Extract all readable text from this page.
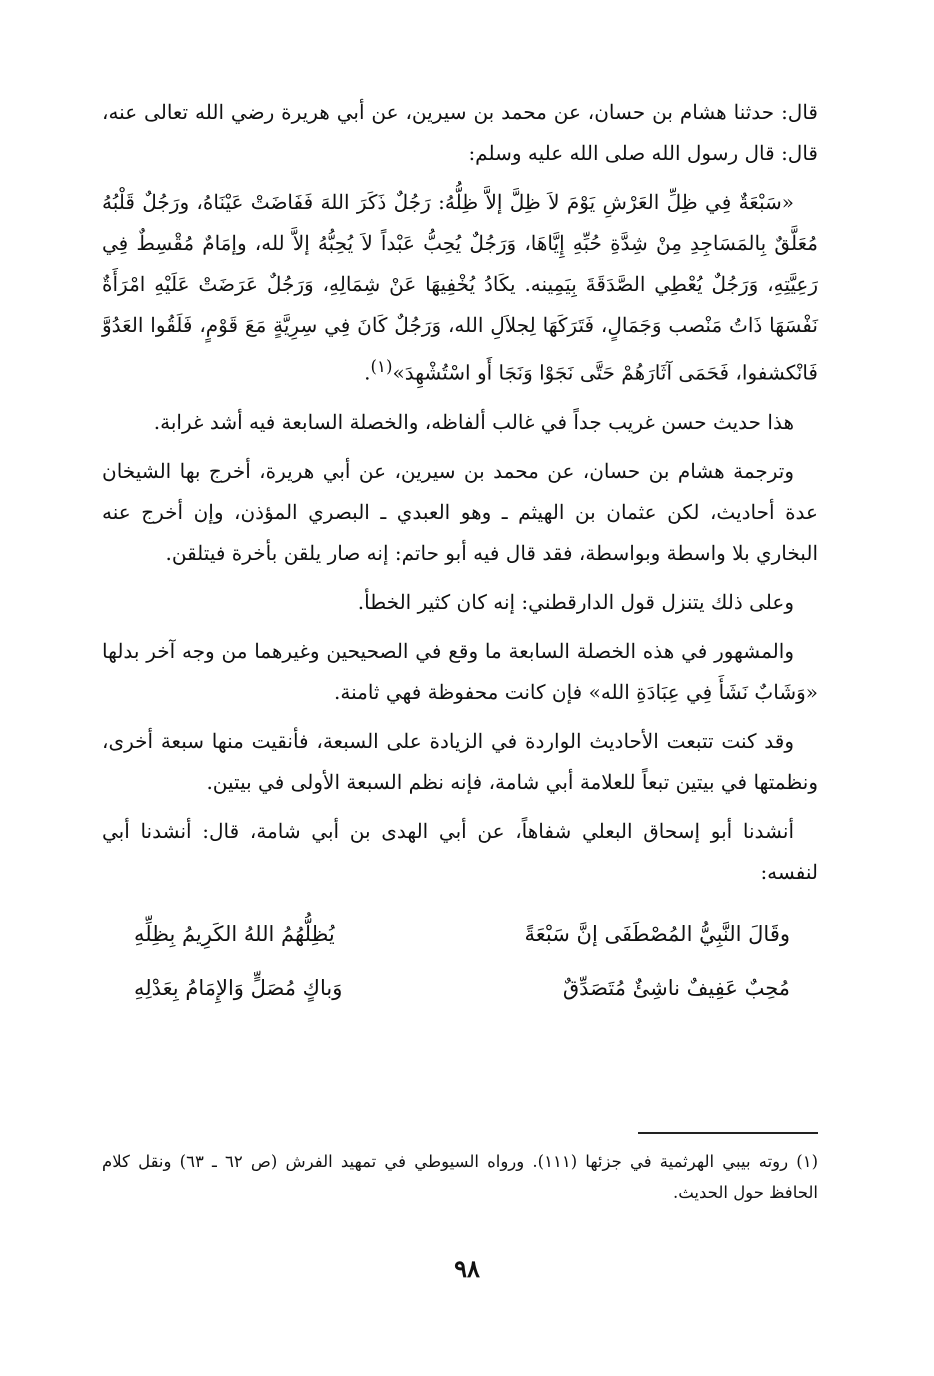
قال: حدثنا هشام بن حسان، عن محمد بن سيرين، عن أبي هريرة رضي الله تعالى عنه، قال: قال رسول الله صلى الله عليه وسلم:

«سَبْعَةٌ فِي ظِلِّ العَرْشِ يَوْمَ لاَ ظِلَّ إلاَّ ظِلُّهُ: رَجُلٌ ذَكَرَ اللهَ فَفَاضَتْ عَيْنَاهُ، ورَجُلٌ قَلْبُهُ مُعَلَّقٌ بِالمَسَاجِدِ مِنْ شِدَّةِ حُبِّهِ إِيَّاهَا، وَرَجُلٌ يُحِبُّ عَبْداً لاَ يُحِبُّهُ إلاَّ لله، وإمَامٌ مُقْسِطٌ فِي رَعِيَّتِهِ، وَرَجُلٌ يُعْطِي الصَّدَقَةَ بِيَمِينه. يكَادُ يُخْفِيهَا عَنْ شِمَالِهِ، وَرَجُلٌ عَرَضَتْ عَلَيْهِ امْرَأَةٌ نَفْسَهَا ذَاتُ مَنْصب وَجَمَالٍ، فَتَرَكَهَا لِجلاَلِ الله، وَرَجُلٌ كَانَ فِي سِرِيَّةٍ مَعَ قَوْمٍ، فَلَقُوا العَدُوَّ فَانْكشفوا، فَحَمَى آثَارَهُمْ حَتَّى نَجَوْا وَنَجَا أَو اسْتُشْهِدَ»$^{(١)}$.

هذا حديث حسن غريب جداً في غالب ألفاظه، والخصلة السابعة فيه أشد غرابة.

وترجمة هشام بن حسان، عن محمد بن سيرين، عن أبي هريرة، أخرج بها الشيخان عدة أحاديث، لكن عثمان بن الهيثم ـ وهو العبدي ـ البصري المؤذن، وإن أخرج عنه البخاري بلا واسطة وبواسطة، فقد قال فيه أبو حاتم: إنه صار يلقن بأخرة فيتلقن.

وعلى ذلك يتنزل قول الدارقطني: إنه كان كثير الخطأ.

والمشهور في هذه الخصلة السابعة ما وقع في الصحيحين وغيرهما من وجه آخر بدلها «وَشَابٌ نَشَأَ فِي عِبَادَةِ الله» فإن كانت محفوظة فهي ثامنة.

وقد كنت تتبعت الأحاديث الواردة في الزيادة على السبعة، فأنقيت منها سبعة أخرى، ونظمتها في بيتين تبعاً للعلامة أبي شامة، فإنه نظم السبعة الأولى في بيتين.

أنشدنا أبو إسحاق البعلي شفاهاً، عن أبي الهدى بن أبي شامة، قال: أنشدنا أبي لنفسه:

وقَالَ النَّبِيُّ المُصْطَفَى إنَّ سَبْعَةً
يُظِلُّهُمُ اللهُ الكَرِيمُ بِظِلِّهِ
مُحِبٌ عَفِيفٌ ناشِئٌ مُتَصَدِّقٌ
وَباكٍ مُصَلٍّ وَالإِمَامُ بِعَدْلِهِ

(١) روته بيبي الهرثمية في جزئها (١١١). ورواه السيوطي في تمهيد الفرش (ص ٦٢ ـ ٦٣) ونقل كلام الحافظ حول الحديث.

٩٨
